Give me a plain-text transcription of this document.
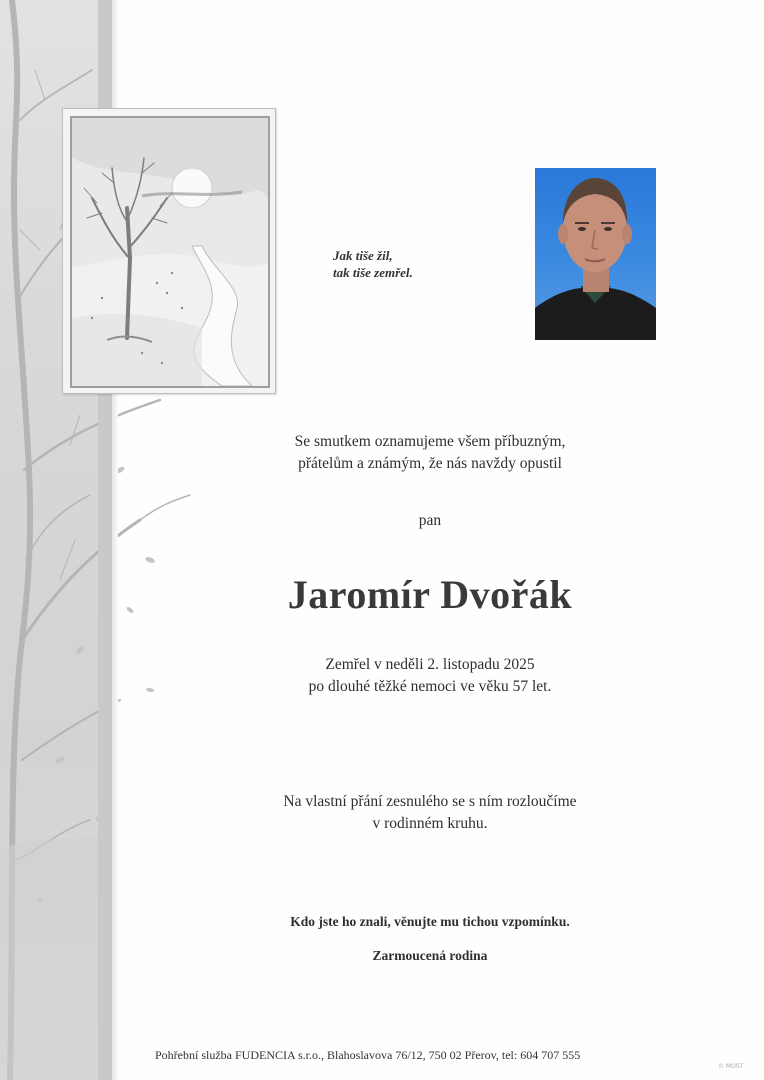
Jak tiše žil,
tak tiše zemřel.
Se smutkem oznamujeme všem příbuzným,
přátelům a známým, že nás navždy opustil
pan
Jaromír Dvořák
Zemřel v neděli 2. listopadu 2025
po dlouhé těžké nemoci ve věku 57 let.
Na vlastní přání zesnulého se s ním rozloučíme
v rodinném kruhu.
Kdo jste ho znali, věnujte mu tichou vzpomínku.
Zarmoucená rodina
Pohřební služba FUDENCIA s.r.o., Blahoslavova 76/12, 750 02 Přerov, tel: 604 707 555
© MOST
